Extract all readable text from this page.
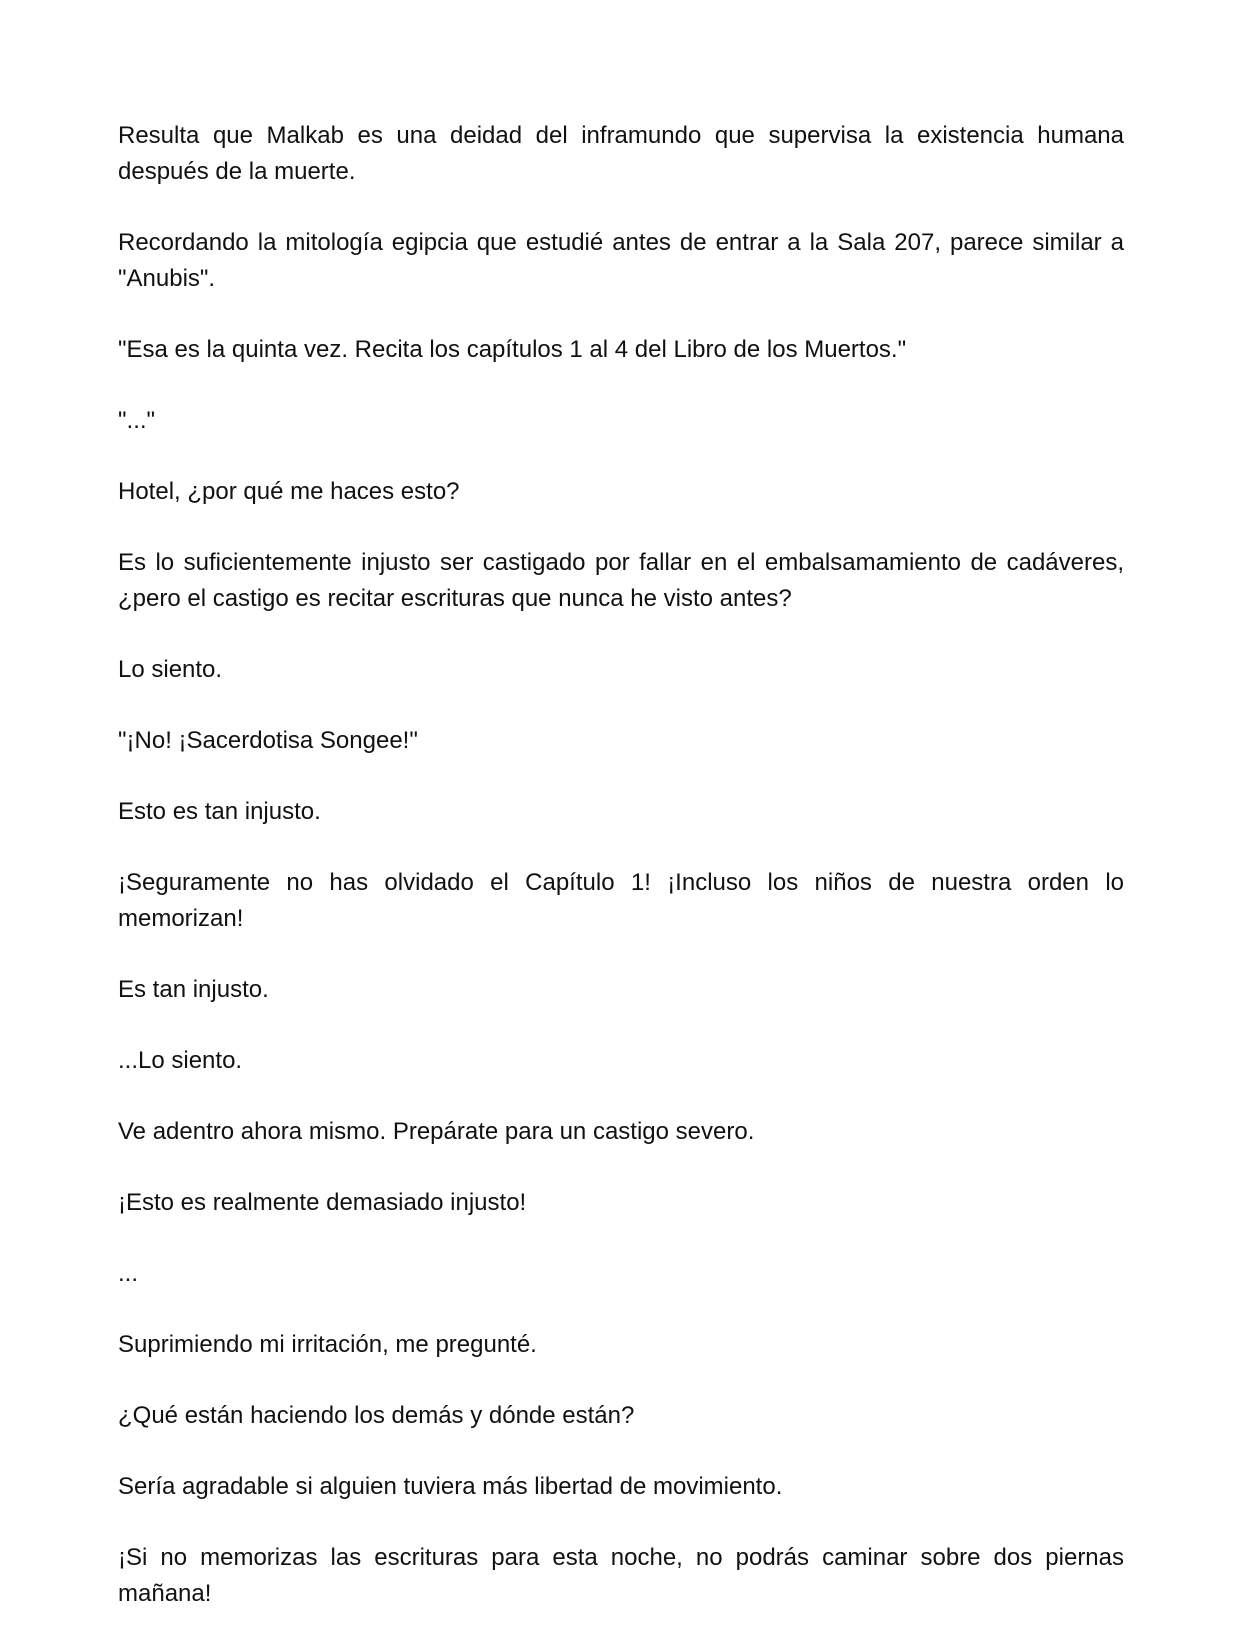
Resulta que Malkab es una deidad del inframundo que supervisa la existencia humana después de la muerte.

Recordando la mitología egipcia que estudié antes de entrar a la Sala 207, parece similar a "Anubis".

"Esa es la quinta vez. Recita los capítulos 1 al 4 del Libro de los Muertos."

"..."

Hotel, ¿por qué me haces esto?

Es lo suficientemente injusto ser castigado por fallar en el embalsamamiento de cadáveres, ¿pero el castigo es recitar escrituras que nunca he visto antes?

Lo siento.

"¡No! ¡Sacerdotisa Songee!"

Esto es tan injusto.

¡Seguramente no has olvidado el Capítulo 1! ¡Incluso los niños de nuestra orden lo memorizan!

Es tan injusto.

...Lo siento.

Ve adentro ahora mismo. Prepárate para un castigo severo.

¡Esto es realmente demasiado injusto!

...

Suprimiendo mi irritación, me pregunté.

¿Qué están haciendo los demás y dónde están?

Sería agradable si alguien tuviera más libertad de movimiento.

¡Si no memorizas las escrituras para esta noche, no podrás caminar sobre dos piernas mañana!
